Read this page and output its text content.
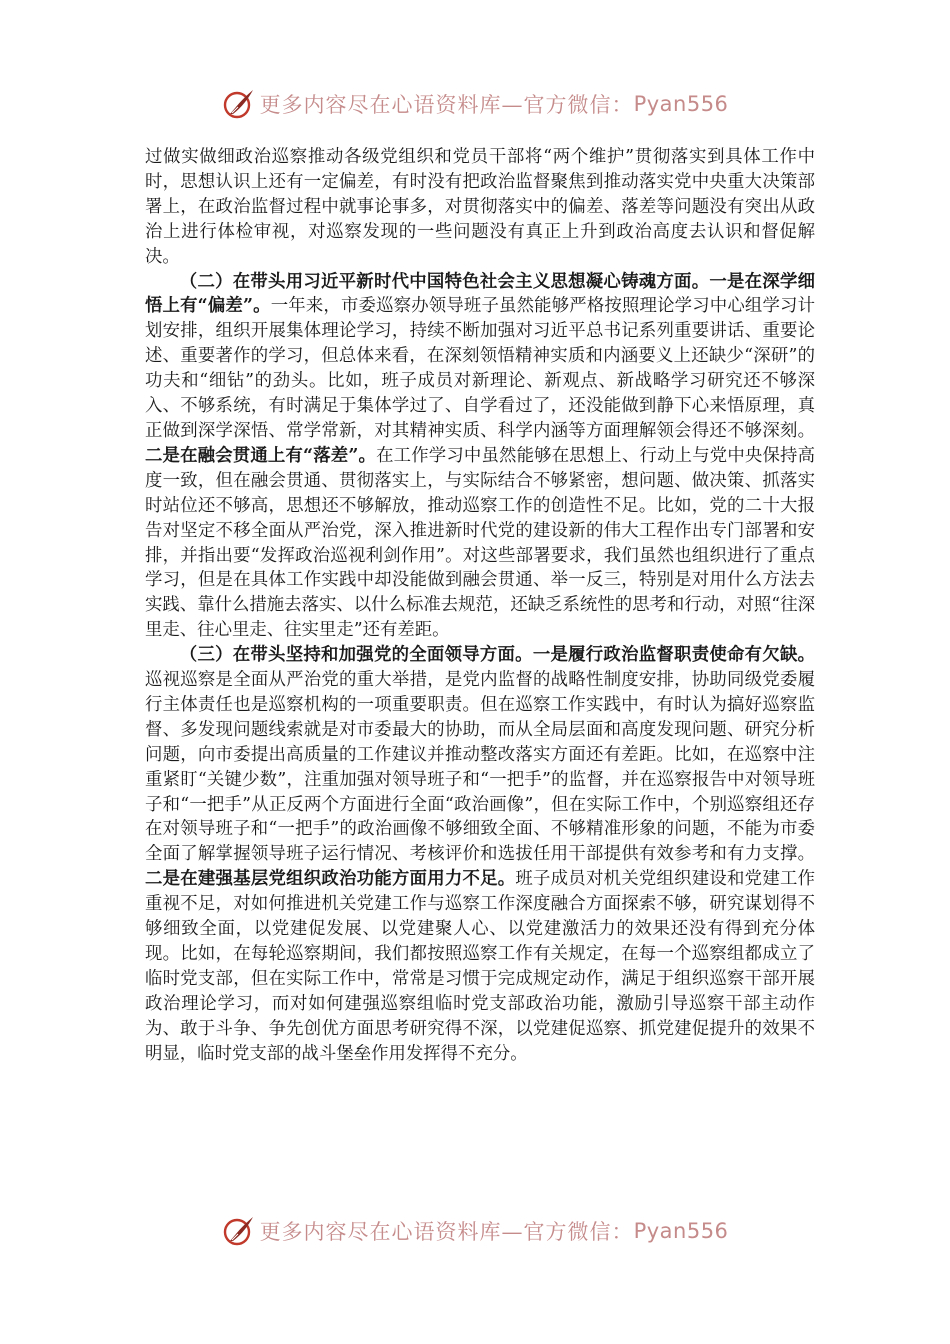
更多内容尽在心语资料库—官方微信： Pyan556

过做实做细政治巡察推动各级党组织和党员干部将“两个维护”贯彻落实到具体工作中时，思想认识上还有一定偏差，有时没有把政治监督聚焦到推动落实党中央重大决策部署上，在政治监督过程中就事论事多，对贯彻落实中的偏差、落差等问题没有突出从政治上进行体检审视，对巡察发现的一些问题没有真正上升到政治高度去认识和督促解决。

（二）在带头用习近平新时代中国特色社会主义思想凝心铸魂方面。一是在深学细悟上有“偏差”。一年来，市委巡察办领导班子虽然能够严格按照理论学习中心组学习计划安排，组织开展集体理论学习，持续不断加强对习近平总书记系列重要讲话、重要论述、重要著作的学习，但总体来看，在深刻领悟精神实质和内涵要义上还缺少“深研”的功夫和“细钻”的劲头。比如，班子成员对新理论、新观点、新战略学习研究还不够深入、不够系统，有时满足于集体学过了、自学看过了，还没能做到静下心来悟原理，真正做到深学深悟、常学常新，对其精神实质、科学内涵等方面理解领会得还不够深刻。二是在融会贯通上有“落差”。在工作学习中虽然能够在思想上、行动上与党中央保持高度一致，但在融会贯通、贯彻落实上，与实际结合不够紧密，想问题、做决策、抓落实时站位还不够高，思想还不够解放，推动巡察工作的创造性不足。比如，党的二十大报告对坚定不移全面从严治党，深入推进新时代党的建设新的伟大工程作出专门部署和安排，并指出要“发挥政治巡视利剑作用”。对这些部署要求，我们虽然也组织进行了重点学习，但是在具体工作实践中却没能做到融会贯通、举一反三，特别是对用什么方法去实践、靠什么措施去落实、以什么标准去规范，还缺乏系统性的思考和行动，对照“往深里走、往心里走、往实里走”还有差距。

（三）在带头坚持和加强党的全面领导方面。一是履行政治监督职责使命有欠缺。巡视巡察是全面从严治党的重大举措，是党内监督的战略性制度安排，协助同级党委履行主体责任也是巡察机构的一项重要职责。但在巡察工作实践中，有时认为搞好巡察监督、多发现问题线索就是对市委最大的协助，而从全局层面和高度发现问题、研究分析问题，向市委提出高质量的工作建议并推动整改落实方面还有差距。比如，在巡察中注重紧盯“关键少数”，注重加强对领导班子和“一把手”的监督，并在巡察报告中对领导班子和“一把手”从正反两个方面进行全面“政治画像”，但在实际工作中，个别巡察组还存在对领导班子和“一把手”的政治画像不够细致全面、不够精准形象的问题，不能为市委全面了解掌握领导班子运行情况、考核评价和选拔任用干部提供有效参考和有力支撑。二是在建强基层党组织政治功能方面用力不足。班子成员对机关党组织建设和党建工作重视不足，对如何推进机关党建工作与巡察工作深度融合方面探索不够，研究谋划得不够细致全面，以党建促发展、以党建聚人心、以党建激活力的效果还没有得到充分体现。比如，在每轮巡察期间，我们都按照巡察工作有关规定，在每一个巡察组都成立了临时党支部，但在实际工作中，常常是习惯于完成规定动作，满足于组织巡察干部开展政治理论学习，而对如何建强巡察组临时党支部政治功能，激励引导巡察干部主动作为、敢于斗争、争先创优方面思考研究得不深，以党建促巡察、抓党建促提升的效果不明显，临时党支部的战斗堡垒作用发挥得不充分。

更多内容尽在心语资料库—官方微信： Pyan556
